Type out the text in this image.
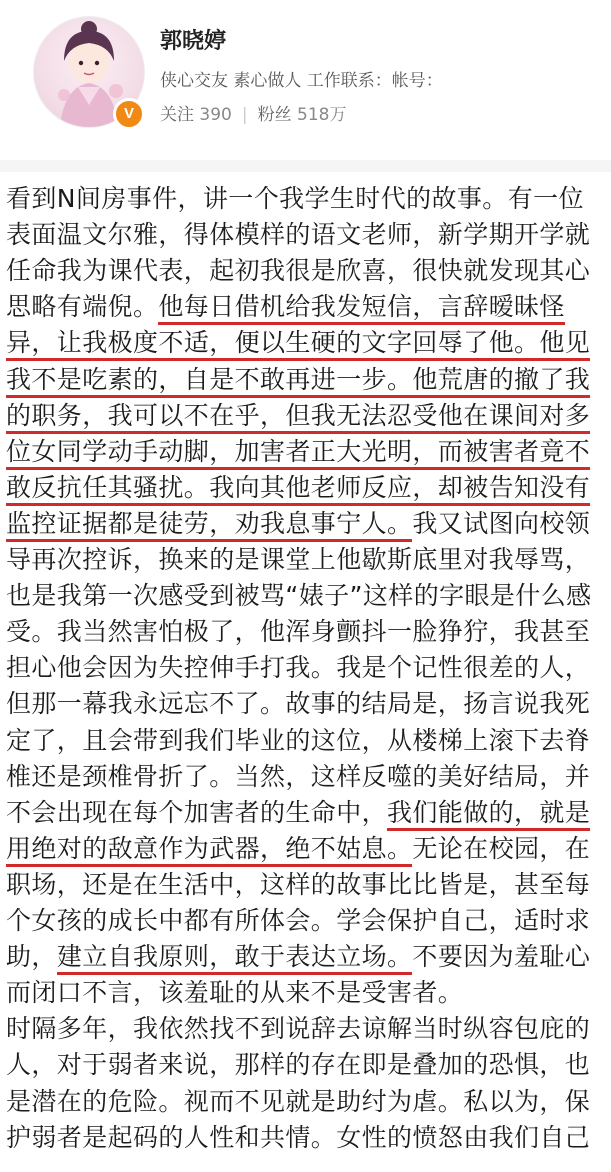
V
郭晓婷
侠心交友 素心做人 工作联系：帐号：
关注 390 | 粉丝 518万
看到N间房事件，讲一个我学生时代的故事。有一位
表面温文尔雅，得体模样的语文老师，新学期开学就
任命我为课代表，起初我很是欣喜，很快就发现其心
思略有端倪。他每日借机给我发短信，言辞暧昧怪
异，让我极度不适，便以生硬的文字回辱了他。他见
我不是吃素的，自是不敢再进一步。他荒唐的撤了我
的职务，我可以不在乎，但我无法忍受他在课间对多
位女同学动手动脚，加害者正大光明，而被害者竟不
敢反抗任其骚扰。我向其他老师反应，却被告知没有
监控证据都是徒劳，劝我息事宁人。我又试图向校领
导再次控诉，换来的是课堂上他歇斯底里对我辱骂，
也是我第一次感受到被骂“婊子”这样的字眼是什么感
受。我当然害怕极了，他浑身颤抖一脸狰狞，我甚至
担心他会因为失控伸手打我。我是个记性很差的人，
但那一幕我永远忘不了。故事的结局是，扬言说我死
定了，且会带到我们毕业的这位，从楼梯上滚下去脊
椎还是颈椎骨折了。当然，这样反噬的美好结局，并
不会出现在每个加害者的生命中，我们能做的，就是
用绝对的敌意作为武器，绝不姑息。无论在校园，在
职场，还是在生活中，这样的故事比比皆是，甚至每
个女孩的成长中都有所体会。学会保护自己，适时求
助，建立自我原则，敢于表达立场。不要因为羞耻心
而闭口不言，该羞耻的从来不是受害者。
时隔多年，我依然找不到说辞去谅解当时纵容包庇的
人，对于弱者来说，那样的存在即是叠加的恐惧，也
是潜在的危险。视而不见就是助纣为虐。私以为，保
护弱者是起码的人性和共情。女性的愤怒由我们自己
